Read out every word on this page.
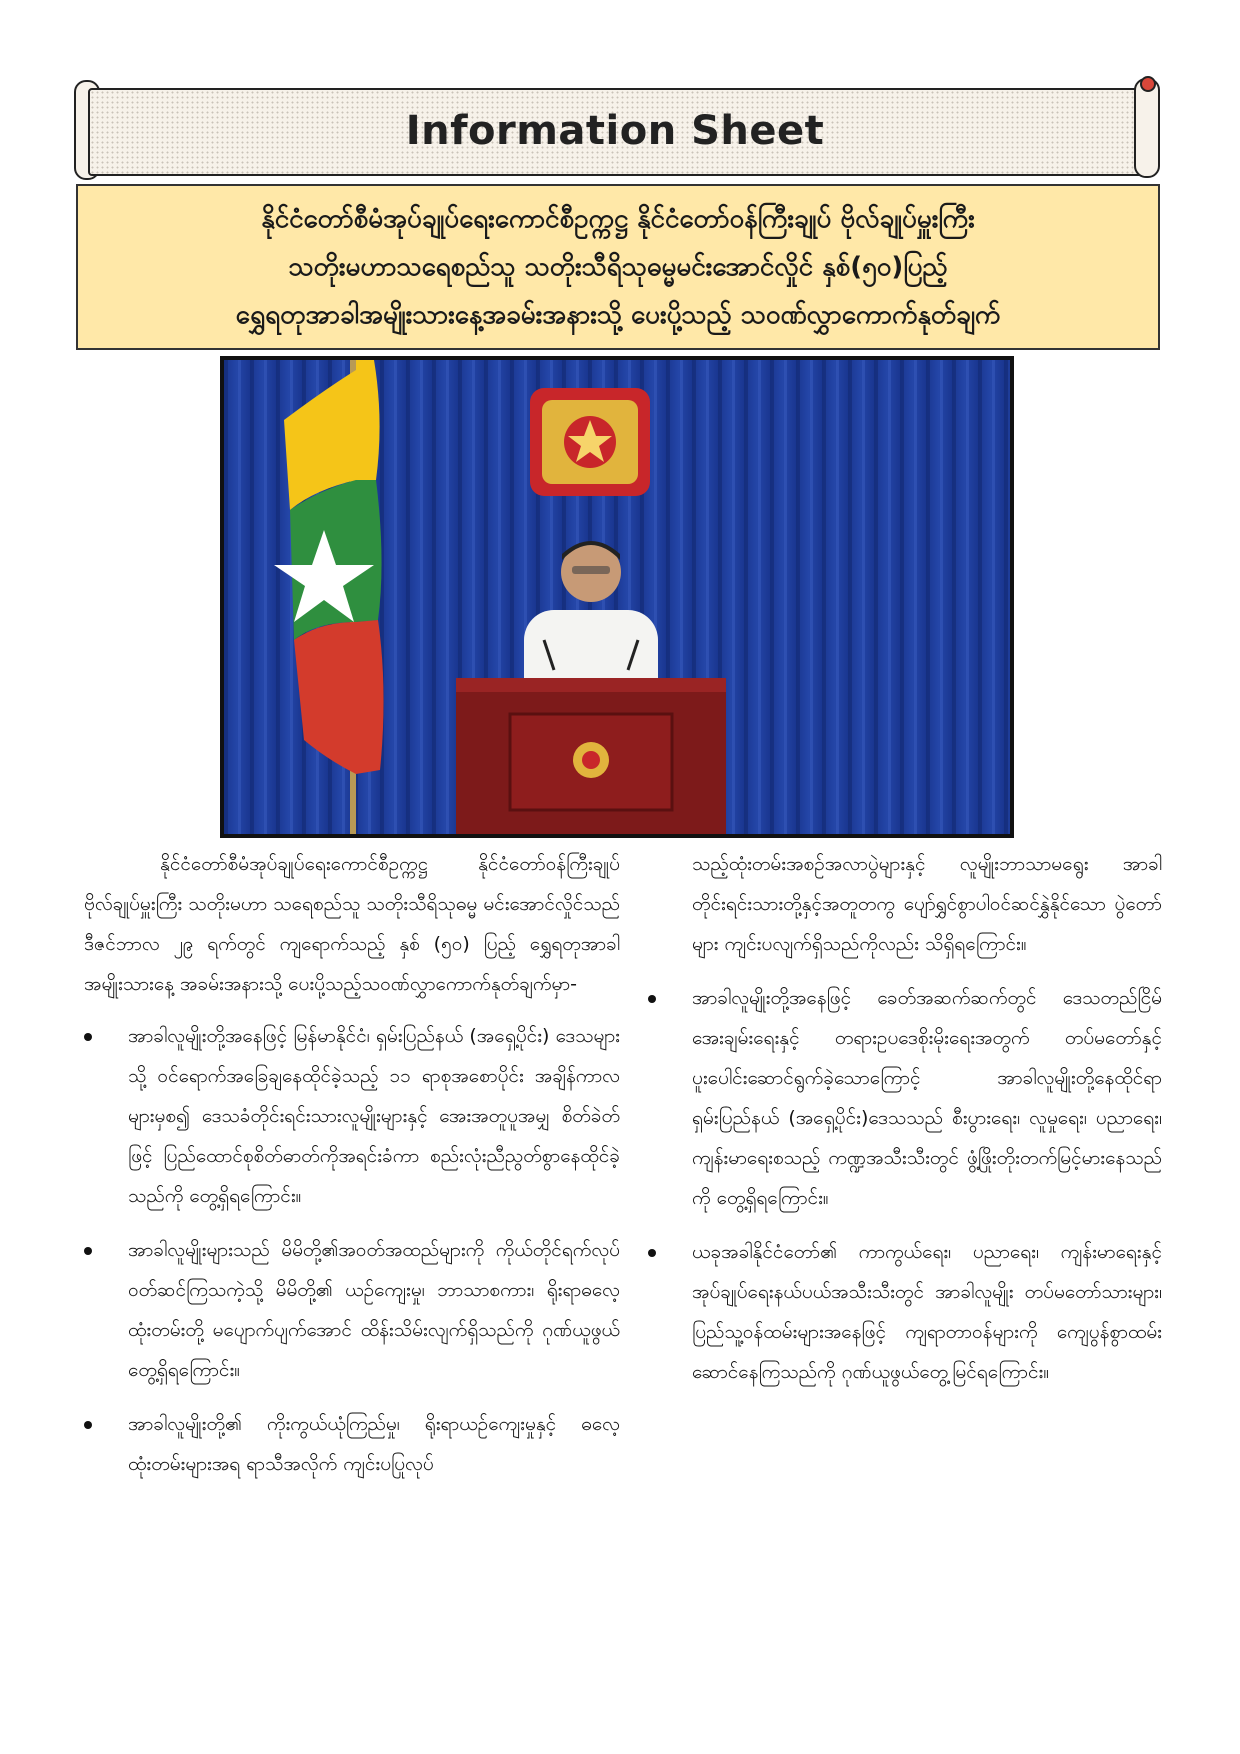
Information Sheet
နိုင်ငံတော်စီမံအုပ်ချုပ်ရေးကောင်စီဥက္ကဋ္ဌ နိုင်ငံတော်ဝန်ကြီးချုပ် ဗိုလ်ချုပ်မှူးကြီး
သတိုးမဟာသရေစည်သူ သတိုးသီရိသုဓမ္မမင်းအောင်လှိုင် နှစ်(၅၀)ပြည့်
ရွှေရတုအာခါအမျိုးသားနေ့အခမ်းအနားသို့ ပေးပို့သည့် သဝဏ်လွှာကောက်နုတ်ချက်

နိုင်ငံတော်စီမံအုပ်ချုပ်ရေးကောင်စီဥက္ကဋ္ဌ နိုင်ငံတော်ဝန်ကြီးချုပ် ဗိုလ်ချုပ်မှူးကြီး သတိုးမဟာ သရေစည်သူ သတိုးသီရိသုဓမ္မ မင်းအောင်လှိုင်သည် ဒီဇင်ဘာလ ၂၉ ရက်တွင် ကျရောက်သည့် နှစ် (၅၀) ပြည့် ရွှေရတုအာခါအမျိုးသားနေ့ အခမ်းအနားသို့ ပေးပို့သည့်သဝဏ်လွှာကောက်နုတ်ချက်မှာ-

အာခါလူမျိုးတို့အနေဖြင့် မြန်မာနိုင်ငံ၊ ရှမ်းပြည်နယ် (အရှေ့ပိုင်း) ဒေသများသို့ ဝင်ရောက်အခြေချနေထိုင်ခဲ့သည့် ၁၁ ရာစုအစောပိုင်း အချိန်ကာလများမှစ၍ ဒေသခံတိုင်းရင်းသားလူမျိုးများနှင့် အေးအတူပူအမျှ စိတ်ခဲတ်ဖြင့် ပြည်ထောင်စုစိတ်ဓာတ်ကိုအရင်းခံကာ စည်းလုံးညီညွတ်စွာနေထိုင်ခဲ့သည်ကို တွေ့ရှိရကြောင်း။
အာခါလူမျိုးများသည် မိမိတို့၏အဝတ်အထည်များကို ကိုယ်တိုင်ရက်လုပ်ဝတ်ဆင်ကြသကဲ့သို့ မိမိတို့၏ ယဉ်ကျေးမှု၊ ဘာသာစကား၊ ရိုးရာဓလေ့ထုံးတမ်းတို့ မပျောက်ပျက်အောင် ထိန်းသိမ်းလျက်ရှိသည်ကို ဂုဏ်ယူဖွယ်တွေ့ရှိရကြောင်း။
အာခါလူမျိုးတို့၏ ကိုးကွယ်ယုံကြည်မှု၊ ရိုးရာယဉ်ကျေးမှုနှင့် ဓလေ့ထုံးတမ်းများအရ ရာသီအလိုက် ကျင်းပပြုလုပ်

သည့်ထုံးတမ်းအစဉ်အလာပွဲများနှင့် လူမျိုးဘာသာမရွေး အာခါတိုင်းရင်းသားတို့နှင့်အတူတကွ ပျော်ရွှင်စွာပါဝင်ဆင်နွှဲနိုင်သော ပွဲတော်များ ကျင်းပလျက်ရှိသည်ကိုလည်း သိရှိရကြောင်း။

အာခါလူမျိုးတို့အနေဖြင့် ခေတ်အဆက်ဆက်တွင် ဒေသတည်ငြိမ်အေးချမ်းရေးနှင့် တရားဥပဒေစိုးမိုးရေးအတွက် တပ်မတော်နှင့် ပူးပေါင်းဆောင်ရွက်ခဲ့သောကြောင့် အာခါလူမျိုးတို့နေထိုင်ရာ ရှမ်းပြည်နယ် (အရှေ့ပိုင်း)ဒေသသည် စီးပွားရေး၊ လူမှုရေး၊ ပညာရေး၊ ကျန်းမာရေးစသည့် ကဏ္ဍအသီးသီးတွင် ဖွံ့ဖြိုးတိုးတက်မြင့်မားနေသည်ကို တွေ့ရှိရကြောင်း။
ယခုအခါနိုင်ငံတော်၏ ကာကွယ်ရေး၊ ပညာရေး၊ ကျန်းမာရေးနှင့် အုပ်ချုပ်ရေးနယ်ပယ်အသီးသီးတွင် အာခါလူမျိုး တပ်မတော်သားများ၊ ပြည်သူ့ဝန်ထမ်းများအနေဖြင့် ကျရာတာဝန်များကို ကျေပွန်စွာထမ်းဆောင်နေကြသည်ကို ဂုဏ်ယူဖွယ်တွေ့မြင်ရကြောင်း။
